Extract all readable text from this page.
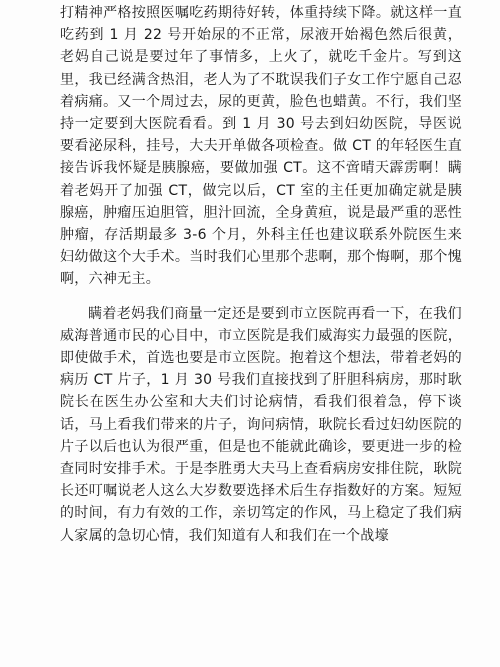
打精神严格按照医嘱吃药期待好转，体重持续下降。就这样一直吃药到 1 月 22 号开始尿的不正常，尿液开始褐色然后很黄，老妈自己说是要过年了事情多，上火了，就吃千金片。写到这里，我已经满含热泪，老人为了不耽误我们子女工作宁愿自己忍着病痛。又一个周过去，尿的更黄，脸色也蜡黄。不行，我们坚持一定要到大医院看看。到 1 月 30 号去到妇幼医院，导医说要看泌尿科，挂号，大夫开单做各项检查。做 CT 的年轻医生直接告诉我怀疑是胰腺癌，要做加强 CT。这不啻晴天霹雳啊！瞒着老妈开了加强 CT，做完以后，CT 室的主任更加确定就是胰腺癌，肿瘤压迫胆管，胆汁回流，全身黄疸，说是最严重的恶性肿瘤，存活期最多 3-6 个月，外科主任也建议联系外院医生来妇幼做这个大手术。当时我们心里那个悲啊，那个悔啊，那个愧啊，六神无主。

瞒着老妈我们商量一定还是要到市立医院再看一下，在我们威海普通市民的心目中，市立医院是我们威海实力最强的医院，即使做手术，首选也要是市立医院。抱着这个想法，带着老妈的病历 CT 片子，1 月 30 号我们直接找到了肝胆科病房，那时耿院长在医生办公室和大夫们讨论病情，看我们很着急，停下谈话，马上看我们带来的片子，询问病情，耿院长看过妇幼医院的片子以后也认为很严重，但是也不能就此确诊，要更进一步的检查同时安排手术。于是李胜勇大夫马上查看病房安排住院，耿院长还叮嘱说老人这么大岁数要选择术后生存指数好的方案。短短的时间，有力有效的工作，亲切笃定的作风，马上稳定了我们病人家属的急切心情，我们知道有人和我们在一个战壕
